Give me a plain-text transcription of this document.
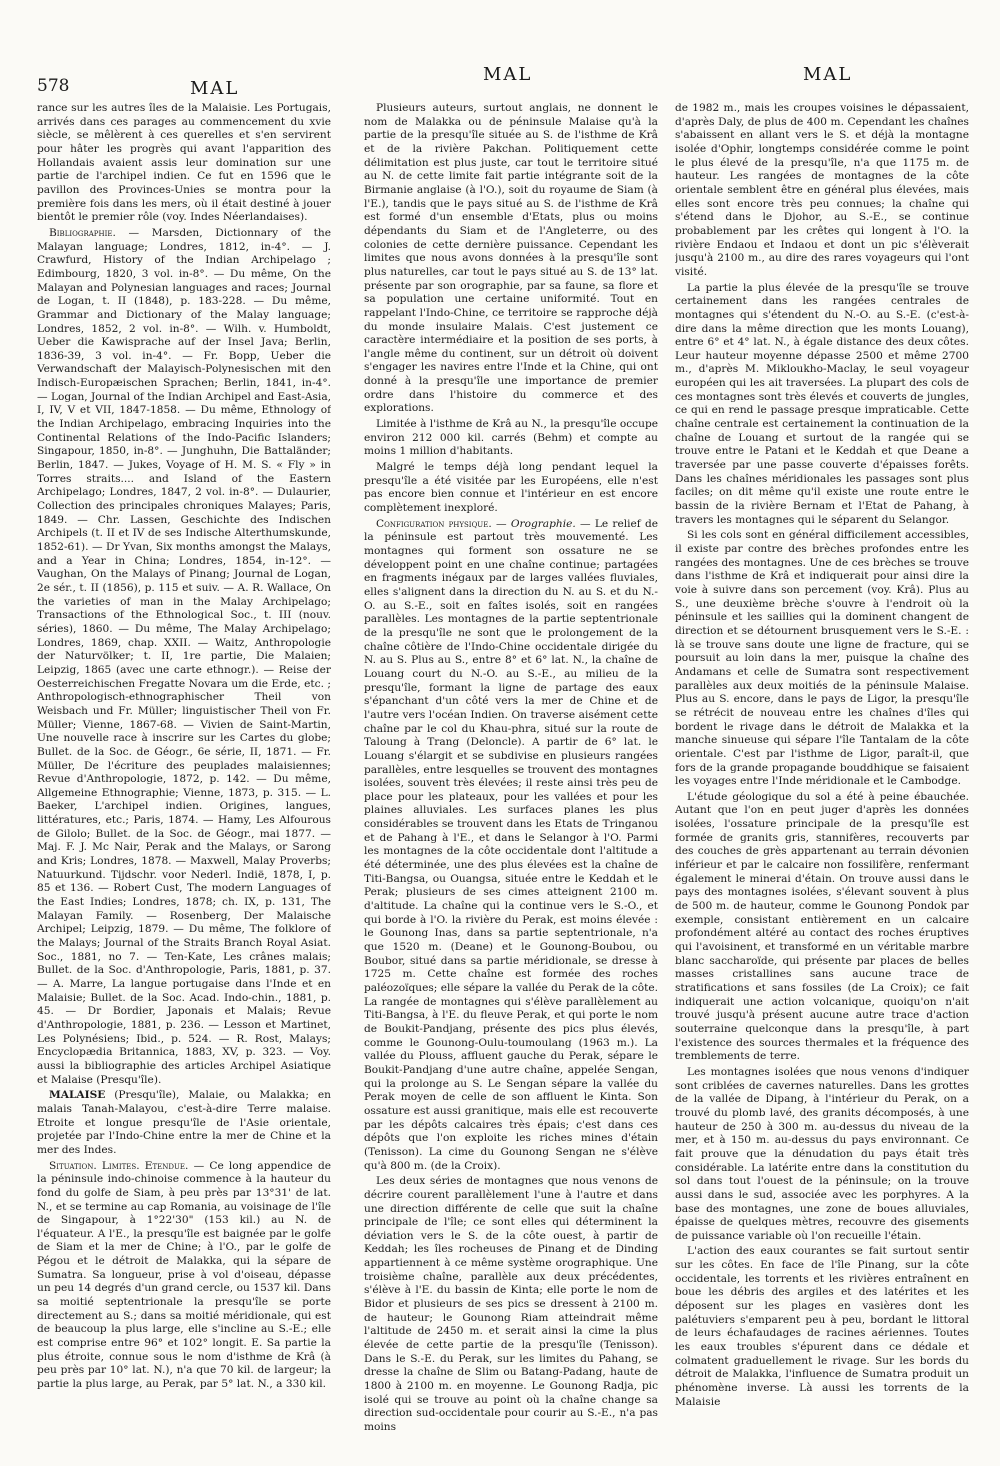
578	MAL
MAL	MAL

rance sur les autres îles de la Malaisie. Les Portugais, arrivés dans ces parages au commencement du xvie siècle, se mêlèrent à ces querelles et s'en servirent pour hâter les progrès qui avant l'apparition des Hollandais avaient assis leur domination sur une partie de l'archipel indien. Ce fut en 1596 que le pavillon des Provinces-Unies se montra pour la première fois dans les mers, où il était destiné à jouer bientôt le premier rôle (voy. Indes Néerlandaises).

Bibliographie. — Marsden, Dictionnary of the Malayan language; Londres, 1812, in-4°. — J. Crawfurd, History of the Indian Archipelago ; Edimbourg, 1820, 3 vol. in-8°. — Du même, On the Malayan and Polynesian languages and races; Journal de Logan, t. II (1848), p. 183-228. — Du même, Grammar and Dictionary of the Malay language; Londres, 1852, 2 vol. in-8°. — Wilh. v. Humboldt, Ueber die Kawisprache auf der Insel Java; Berlin, 1836-39, 3 vol. in-4°. — Fr. Bopp, Ueber die Verwandschaft der Malayisch-Polynesischen mit den Indisch-Europæischen Sprachen; Berlin, 1841, in-4°. — Logan, Journal of the Indian Archipel and East-Asia, I, IV, V et VII, 1847-1858. — Du même, Ethnology of the Indian Archipelago, embracing Inquiries into the Continental Relations of the Indo-Pacific Islanders; Singapour, 1850, in-8°. — Junghuhn, Die Battaländer; Berlin, 1847. — Jukes, Voyage of H. M. S. « Fly » in Torres straits.... and Island of the Eastern Archipelago; Londres, 1847, 2 vol. in-8°. — Dulaurier, Collection des principales chroniques Malayes; Paris, 1849. — Chr. Lassen, Geschichte des Indischen Archipels (t. II et IV de ses Indische Alterthumskunde, 1852-61). — Dr Yvan, Six months amongst the Malays, and a Year in China; Londres, 1854, in-12°. — Vaughan, On the Malays of Pinang; Journal de Logan, 2e sér., t. II (1856), p. 115 et suiv. — A. R. Wallace, On the varieties of man in the Malay Archipelago; Transactions of the Ethnological Soc., t. III (nouv. séries), 1860. — Du même, The Malay Archipelago; Londres, 1869, chap. XXII. — Waitz, Anthropologie der Naturvölker; t. II, 1re partie, Die Malaien; Leipzig, 1865 (avec une carte ethnogr.). — Reise der Oesterreichischen Fregatte Novara um die Erde, etc. ; Anthropologisch-ethnographischer Theil von Weisbach und Fr. Müller; linguistischer Theil von Fr. Müller; Vienne, 1867-68. — Vivien de Saint-Martin, Une nouvelle race à inscrire sur les Cartes du globe; Bullet. de la Soc. de Géogr., 6e série, II, 1871. — Fr. Müller, De l'écriture des peuplades malaisiennes; Revue d'Anthropologie, 1872, p. 142. — Du même, Allgemeine Ethnographie; Vienne, 1873, p. 315. — L. Baeker, L'archipel indien. Origines, langues, littératures, etc.; Paris, 1874. — Hamy, Les Alfourous de Gilolo; Bullet. de la Soc. de Géogr., mai 1877. — Maj. F. J. Mc Nair, Perak and the Malays, or Sarong and Kris; Londres, 1878. — Maxwell, Malay Proverbs; Natuurkund. Tijdschr. voor Nederl. Indië, 1878, I, p. 85 et 136. — Robert Cust, The modern Languages of the East Indies; Londres, 1878; ch. IX, p. 131, The Malayan Family. — Rosenberg, Der Malaische Archipel; Leipzig, 1879. — Du même, The folklore of the Malays; Journal of the Straits Branch Royal Asiat. Soc., 1881, no 7. — Ten-Kate, Les crânes malais; Bullet. de la Soc. d'Anthropologie, Paris, 1881, p. 37. — A. Marre, La langue portugaise dans l'Inde et en Malaisie; Bullet. de la Soc. Acad. Indo-chin., 1881, p. 45. — Dr Bordier, Japonais et Malais; Revue d'Anthropologie, 1881, p. 236. — Lesson et Martinet, Les Polynésiens; Ibid., p. 524. — R. Rost, Malays; Encyclopædia Britannica, 1883, XV, p. 323. — Voy. aussi la bibliographie des articles Archipel Asiatique et Malaise (Presqu'île).

MALAISE (Presqu'île), Malaie, ou Malakka; en malais Tanah-Malayou, c'est-à-dire Terre malaise. Etroite et longue presqu'île de l'Asie orientale, projetée par l'Indo-Chine entre la mer de Chine et la mer des Indes.

Situation. Limites. Etendue. — Ce long appendice de la péninsule indo-chinoise commence à la hauteur du fond du golfe de Siam, à peu près par 13°31' de lat. N., et se termine au cap Romania, au voisinage de l'île de Singapour, à 1°22'30" (153 kil.) au N. de l'équateur. A l'E., la presqu'île est baignée par le golfe de Siam et la mer de Chine; à l'O., par le golfe de Pégou et le détroit de Malakka, qui la sépare de Sumatra. Sa longueur, prise à vol d'oiseau, dépasse un peu 14 degrés d'un grand cercle, ou 1537 kil. Dans sa moitié septentrionale la presqu'île se porte directement au S.; dans sa moitié méridionale, qui est de beaucoup la plus large, elle s'incline au S.-E.; elle est comprise entre 96° et 102° longit. E. Sa partie la plus étroite, connue sous le nom d'isthme de Krâ (à peu près par 10° lat. N.), n'a que 70 kil. de largeur; la partie la plus large, au Perak, par 5° lat. N., a 330 kil.

Plusieurs auteurs, surtout anglais, ne donnent le nom de Malakka ou de péninsule Malaise qu'à la partie de la presqu'île située au S. de l'isthme de Krâ et de la rivière Pakchan. Politiquement cette délimitation est plus juste, car tout le territoire situé au N. de cette limite fait partie intégrante soit de la Birmanie anglaise (à l'O.), soit du royaume de Siam (à l'E.), tandis que le pays situé au S. de l'isthme de Krâ est formé d'un ensemble d'Etats, plus ou moins dépendants du Siam et de l'Angleterre, ou des colonies de cette dernière puissance. Cependant les limites que nous avons données à la presqu'île sont plus naturelles, car tout le pays situé au S. de 13° lat. présente par son orographie, par sa faune, sa flore et sa population une certaine uniformité. Tout en rappelant l'Indo-Chine, ce territoire se rapproche déjà du monde insulaire Malais. C'est justement ce caractère intermédiaire et la position de ses ports, à l'angle même du continent, sur un détroit où doivent s'engager les navires entre l'Inde et la Chine, qui ont donné à la presqu'île une importance de premier ordre dans l'histoire du commerce et des explorations.

Limitée à l'isthme de Krâ au N., la presqu'île occupe environ 212 000 kil. carrés (Behm) et compte au moins 1 million d'habitants.

Malgré le temps déjà long pendant lequel la presqu'île a été visitée par les Européens, elle n'est pas encore bien connue et l'intérieur en est encore complètement inexploré.

Configuration physique. — Orographie. — Le relief de la péninsule est partout très mouvementé. Les montagnes qui forment son ossature ne se développent point en une chaîne continue; partagées en fragments inégaux par de larges vallées fluviales, elles s'alignent dans la direction du N. au S. et du N.-O. au S.-E., soit en faîtes isolés, soit en rangées parallèles. Les montagnes de la partie septentrionale de la presqu'île ne sont que le prolongement de la chaîne côtière de l'Indo-Chine occidentale dirigée du N. au S. Plus au S., entre 8° et 6° lat. N., la chaîne de Louang court du N.-O. au S.-E., au milieu de la presqu'île, formant la ligne de partage des eaux s'épanchant d'un côté vers la mer de Chine et de l'autre vers l'océan Indien. On traverse aisément cette chaîne par le col du Khau-phra, situé sur la route de Taloung à Trang (Deloncle). A partir de 6° lat. le Louang s'élargit et se subdivise en plusieurs rangées parallèles, entre lesquelles se trouvent des montagnes isolées, souvent très élevées; il reste ainsi très peu de place pour les plateaux, pour les vallées et pour les plaines alluviales. Les surfaces planes les plus considérables se trouvent dans les Etats de Tringanou et de Pahang à l'E., et dans le Selangor à l'O. Parmi les montagnes de la côte occidentale dont l'altitude a été déterminée, une des plus élevées est la chaîne de Titi-Bangsa, ou Ouangsa, située entre le Keddah et le Perak; plusieurs de ses cimes atteignent 2100 m. d'altitude. La chaîne qui la continue vers le S.-O., et qui borde à l'O. la rivière du Perak, est moins élevée : le Gounong Inas, dans sa partie septentrionale, n'a que 1520 m. (Deane) et le Gounong-Boubou, ou Boubor, situé dans sa partie méridionale, se dresse à 1725 m. Cette chaîne est formée des roches paléozoïques; elle sépare la vallée du Perak de la côte. La rangée de montagnes qui s'élève parallèlement au Titi-Bangsa, à l'E. du fleuve Perak, et qui porte le nom de Boukit-Pandjang, présente des pics plus élevés, comme le Gounong-Oulu-toumoulang (1963 m.). La vallée du Plouss, affluent gauche du Perak, sépare le Boukit-Pandjang d'une autre chaîne, appelée Sengan, qui la prolonge au S. Le Sengan sépare la vallée du Perak moyen de celle de son affluent le Kinta. Son ossature est aussi granitique, mais elle est recouverte par les dépôts calcaires très épais; c'est dans ces dépôts que l'on exploite les riches mines d'étain (Tenisson). La cime du Gounong Sengan ne s'élève qu'à 800 m. (de la Croix).

Les deux séries de montagnes que nous venons de décrire courent parallèlement l'une à l'autre et dans une direction différente de celle que suit la chaîne principale de l'île; ce sont elles qui déterminent la déviation vers le S. de la côte ouest, à partir de Keddah; les îles rocheuses de Pinang et de Dinding appartiennent à ce même système orographique. Une troisième chaîne, parallèle aux deux précédentes, s'élève à l'E. du bassin de Kinta; elle porte le nom de Bidor et plusieurs de ses pics se dressent à 2100 m. de hauteur; le Gounong Riam atteindrait même l'altitude de 2450 m. et serait ainsi la cime la plus élevée de cette partie de la presqu'île (Tenisson). Dans le S.-E. du Perak, sur les limites du Pahang, se dresse la chaîne de Slim ou Batang-Padang, haute de 1800 à 2100 m. en moyenne. Le Gounong Radja, pic isolé qui se trouve au point où la chaîne change sa direction sud-occidentale pour courir au S.-E., n'a pas moins

de 1982 m., mais les croupes voisines le dépassaient, d'après Daly, de plus de 400 m. Cependant les chaînes s'abaissent en allant vers le S. et déjà la montagne isolée d'Ophir, longtemps considérée comme le point le plus élevé de la presqu'île, n'a que 1175 m. de hauteur. Les rangées de montagnes de la côte orientale semblent être en général plus élevées, mais elles sont encore très peu connues; la chaîne qui s'étend dans le Djohor, au S.-E., se continue probablement par les crêtes qui longent à l'O. la rivière Endaou et Indaou et dont un pic s'élèverait jusqu'à 2100 m., au dire des rares voyageurs qui l'ont visité.

La partie la plus élevée de la presqu'île se trouve certainement dans les rangées centrales de montagnes qui s'étendent du N.-O. au S.-E. (c'est-à-dire dans la même direction que les monts Louang), entre 6° et 4° lat. N., à égale distance des deux côtes. Leur hauteur moyenne dépasse 2500 et même 2700 m., d'après M. Mikloukho-Maclay, le seul voyageur européen qui les ait traversées. La plupart des cols de ces montagnes sont très élevés et couverts de jungles, ce qui en rend le passage presque impraticable. Cette chaîne centrale est certainement la continuation de la chaîne de Louang et surtout de la rangée qui se trouve entre le Patani et le Keddah et que Deane a traversée par une passe couverte d'épaisses forêts. Dans les chaînes méridionales les passages sont plus faciles; on dit même qu'il existe une route entre le bassin de la rivière Bernam et l'Etat de Pahang, à travers les montagnes qui le séparent du Selangor.

Si les cols sont en général difficilement accessibles, il existe par contre des brèches profondes entre les rangées des montagnes. Une de ces brèches se trouve dans l'isthme de Krâ et indiquerait pour ainsi dire la voie à suivre dans son percement (voy. Krâ). Plus au S., une deuxième brèche s'ouvre à l'endroit où la péninsule et les saillies qui la dominent changent de direction et se détournent brusquement vers le S.-E. : là se trouve sans doute une ligne de fracture, qui se poursuit au loin dans la mer, puisque la chaîne des Andamans et celle de Sumatra sont respectivement parallèles aux deux moitiés de la péninsule Malaise. Plus au S. encore, dans le pays de Ligor, la presqu'île se rétrécit de nouveau entre les chaînes d'îles qui bordent le rivage dans le détroit de Malakka et la manche sinueuse qui sépare l'île Tantalam de la côte orientale. C'est par l'isthme de Ligor, paraît-il, que fors de la grande propagande bouddhique se faisaient les voyages entre l'Inde méridionale et le Cambodge.

L'étude géologique du sol a été à peine ébauchée. Autant que l'on en peut juger d'après les données isolées, l'ossature principale de la presqu'île est formée de granits gris, stannifères, recouverts par des couches de grès appartenant au terrain dévonien inférieur et par le calcaire non fossilifère, renfermant également le minerai d'étain. On trouve aussi dans le pays des montagnes isolées, s'élevant souvent à plus de 500 m. de hauteur, comme le Gounong Pondok par exemple, consistant entièrement en un calcaire profondément altéré au contact des roches éruptives qui l'avoisinent, et transformé en un véritable marbre blanc saccharoïde, qui présente par places de belles masses cristallines sans aucune trace de stratifications et sans fossiles (de La Croix); ce fait indiquerait une action volcanique, quoiqu'on n'ait trouvé jusqu'à présent aucune autre trace d'action souterraine quelconque dans la presqu'île, à part l'existence des sources thermales et la fréquence des tremblements de terre.

Les montagnes isolées que nous venons d'indiquer sont criblées de cavernes naturelles. Dans les grottes de la vallée de Dipang, à l'intérieur du Perak, on a trouvé du plomb lavé, des granits décomposés, à une hauteur de 250 à 300 m. au-dessus du niveau de la mer, et à 150 m. au-dessus du pays environnant. Ce fait prouve que la dénudation du pays était très considérable. La latérite entre dans la constitution du sol dans tout l'ouest de la péninsule; on la trouve aussi dans le sud, associée avec les porphyres. A la base des montagnes, une zone de boues alluviales, épaisse de quelques mètres, recouvre des gisements de puissance variable où l'on recueille l'étain.

L'action des eaux courantes se fait surtout sentir sur les côtes. En face de l'île Pinang, sur la côte occidentale, les torrents et les rivières entraînent en boue les débris des argiles et des latérites et les déposent sur les plages en vasières dont les palétuviers s'emparent peu à peu, bordant le littoral de leurs échafaudages de racines aériennes. Toutes les eaux troubles s'épurent dans ce dédale et colmatent graduellement le rivage. Sur les bords du détroit de Malakka, l'influence de Sumatra produit un phénomène inverse. Là aussi les torrents de la Malaisie
